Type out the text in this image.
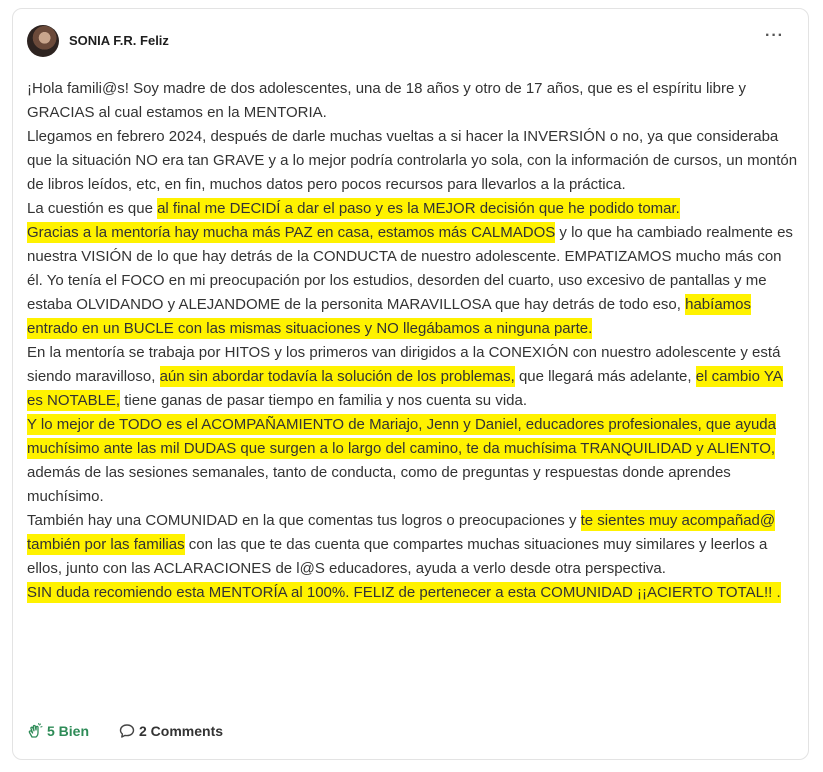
SONIA F.R. Feliz	···

¡Hola famili@s! Soy madre de dos adolescentes, una de 18 años y otro de 17 años, que es el espíritu libre y GRACIAS al cual estamos en la MENTORIA.

Llegamos en febrero 2024, después de darle muchas vueltas a si hacer la INVERSIÓN o no, ya que consideraba que la situación NO era tan GRAVE y a lo mejor podría controlarla yo sola, con la información de cursos, un montón de libros leídos, etc, en fin, muchos datos pero pocos recursos para llevarlos a la práctica.

La cuestión es que al final me DECIDÍ a dar el paso y es la MEJOR decisión que he podido tomar.

Gracias a la mentoría hay mucha más PAZ en casa, estamos más CALMADOS y lo que ha cambiado realmente es nuestra VISIÓN de lo que hay detrás de la CONDUCTA de nuestro adolescente. EMPATIZAMOS mucho más con él. Yo tenía el FOCO en mi preocupación por los estudios, desorden del cuarto, uso excesivo de pantallas y me estaba OLVIDANDO y ALEJANDOME de la personita MARAVILLOSA que hay detrás de todo eso, habíamos entrado en un BUCLE con las mismas situaciones y NO llegábamos a ninguna parte.

En la mentoría se trabaja por HITOS y los primeros van dirigidos a la CONEXIÓN con nuestro adolescente y está siendo maravilloso, aún sin abordar todavía la solución de los problemas, que llegará más adelante, el cambio YA es NOTABLE, tiene ganas de pasar tiempo en familia y nos cuenta su vida.

Y lo mejor de TODO es el ACOMPAÑAMIENTO de Mariajo, Jenn y Daniel, educadores profesionales, que ayuda muchísimo ante las mil DUDAS que surgen a lo largo del camino, te da muchísima TRANQUILIDAD y ALIENTO, además de las sesiones semanales, tanto de conducta, como de preguntas y respuestas donde aprendes muchísimo.

También hay una COMUNIDAD en la que comentas tus logros o preocupaciones y te sientes muy acompañad@ también por las familias con las que te das cuenta que compartes muchas situaciones muy similares y leerlos a ellos, junto con las ACLARACIONES de l@S educadores, ayuda a verlo desde otra perspectiva.

SIN duda recomiendo esta MENTORÍA al 100%. FELIZ de pertenecer a esta COMUNIDAD ¡¡ACIERTO TOTAL!! .

5 Bien	2 Comments
